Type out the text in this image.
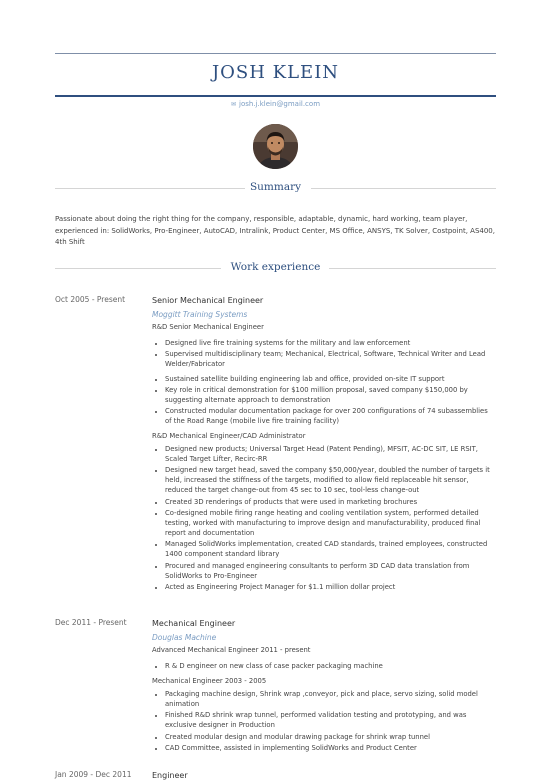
JOSH KLEIN
✉ josh.j.klein@gmail.com
Summary
Passionate about doing the right thing for the company, responsible, adaptable, dynamic, hard working, team player, experienced in: SolidWorks, Pro-Engineer, AutoCAD, Intralink, Product Center, MS Office, ANSYS, TK Solver, Costpoint, AS400, 4th Shift
Work experience
Oct 2005 - Present	Senior Mechanical Engineer

Moggitt Training Systems

R&D Senior Mechanical Engineer

• Designed live fire training systems for the military and law enforcement
• Supervised multidisciplinary team; Mechanical, Electrical, Software, Technical Writer and Lead Welder/Fabricator
• Sustained satellite building engineering lab and office, provided on-site IT support
• Key role in critical demonstration for $100 million proposal, saved company $150,000 by suggesting alternate approach to demonstration
• Constructed modular documentation package for over 200 configurations of 74 subassemblies of the Road Range (mobile live fire training facility)

R&D Mechanical Engineer/CAD Administrator

• Designed new products; Universal Target Head (Patent Pending), MFSIT, AC-DC SIT, LE RSIT, Scaled Target Lifter, Recirc-RR
• Designed new target head, saved the company $50,000/year, doubled the number of targets it held, increased the stiffness of the targets, modified to allow field replaceable hit sensor, reduced the target change-out from 45 sec to 10 sec, tool-less change-out
• Created 3D renderings of products that were used in marketing brochures
• Co-designed mobile firing range heating and cooling ventilation system, performed detailed testing, worked with manufacturing to improve design and manufacturability, produced final report and documentation
• Managed SolidWorks implementation, created CAD standards, trained employees, constructed 1400 component standard library
• Procured and managed engineering consultants to perform 3D CAD data translation from SolidWorks to Pro-Engineer
• Acted as Engineering Project Manager for $1.1 million dollar project
Dec 2011 - Present	Mechanical Engineer

Douglas Machine

Advanced Mechanical Engineer 2011 - present

• R & D engineer on new class of case packer packaging machine

Mechanical Engineer 2003 - 2005

• Packaging machine design, Shrink wrap ,conveyor, pick and place, servo sizing, solid model animation
• Finished R&D shrink wrap tunnel, performed validation testing and prototyping, and was exclusive designer in Production
• Created modular design and modular drawing package for shrink wrap tunnel
• CAD Committee, assisted in implementing SolidWorks and Product Center
Jan 2009 - Dec 2011	Engineer
